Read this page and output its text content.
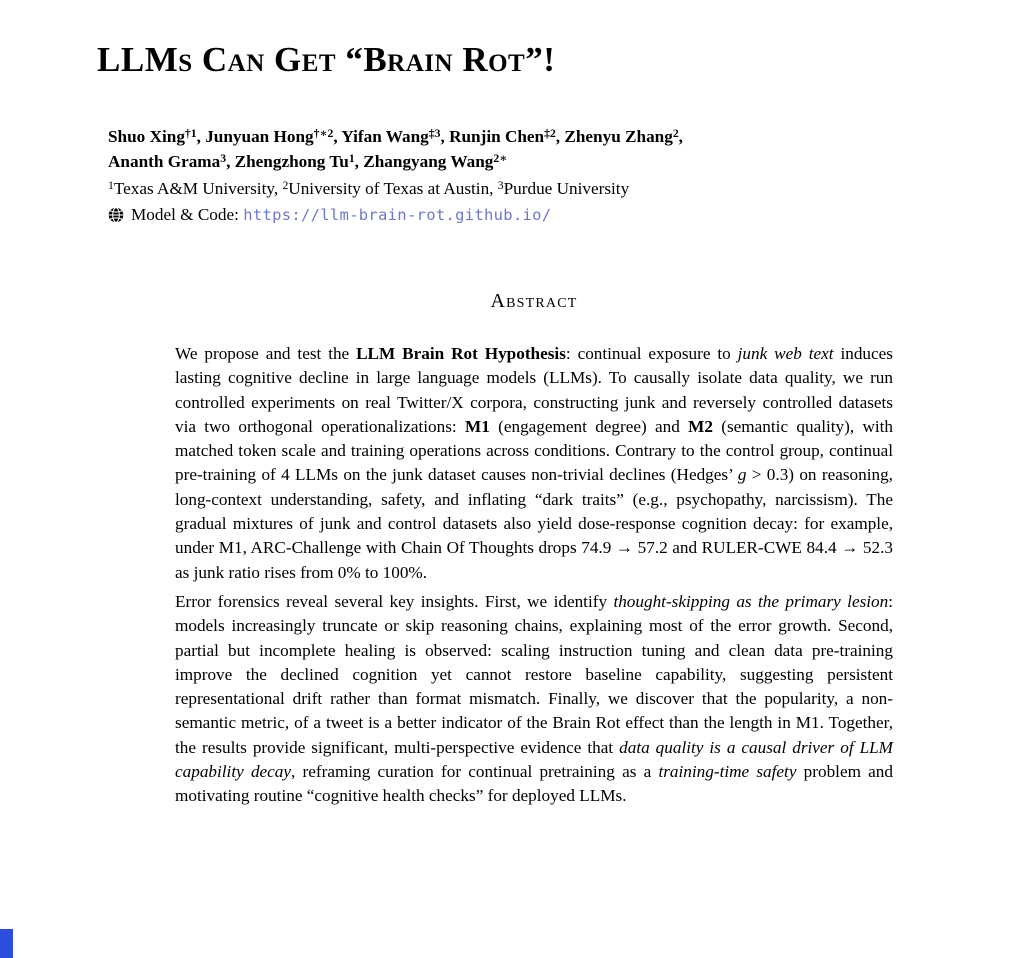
LLMs Can Get “Brain Rot”!

Shuo Xing$^{\dagger 1}$, Junyuan Hong$^{\dagger∗2}$, Yifan Wang$^{\ddagger 3}$, Runjin Chen$^{\ddagger 2}$, Zhenyu Zhang$^2$,

Ananth Grama$^3$, Zhengzhong Tu$^1$, Zhangyang Wang$^{2∗}$

$^1$Texas A&M University, $^2$University of Texas at Austin, $^3$Purdue University

Model & Code:
https://llm-brain-rot.github.io/

Abstract

We propose and test the LLM Brain Rot Hypothesis: continual exposure to junk web text induces lasting cognitive decline in large language models (LLMs). To causally isolate data quality, we run controlled experiments on real Twitter/X corpora, constructing junk and reversely controlled datasets via two orthogonal operationalizations: M1 (engagement degree) and M2 (semantic quality), with matched token scale and training operations across conditions. Contrary to the control group, continual pre-training of 4 LLMs on the junk dataset causes non-trivial declines (Hedges’ g > 0.3) on reasoning, long-context understanding, safety, and inflating “dark traits” (e.g., psychopathy, narcissism). The gradual mixtures of junk and control datasets also yield dose-response cognition decay: for example, under M1, ARC-Challenge with Chain Of Thoughts drops 74.9 → 57.2 and RULER-CWE 84.4 → 52.3 as junk ratio rises from 0% to 100%.

Error forensics reveal several key insights. First, we identify thought-skipping as the primary lesion: models increasingly truncate or skip reasoning chains, explaining most of the error growth. Second, partial but incomplete healing is observed: scaling instruction tuning and clean data pre-training improve the declined cognition yet cannot restore baseline capability, suggesting persistent representational drift rather than format mismatch. Finally, we discover that the popularity, a non-semantic metric, of a tweet is a better indicator of the Brain Rot effect than the length in M1. Together, the results provide significant, multi-perspective evidence that data quality is a causal driver of LLM capability decay, reframing curation for continual pretraining as a training-time safety problem and motivating routine “cognitive health checks” for deployed LLMs.
